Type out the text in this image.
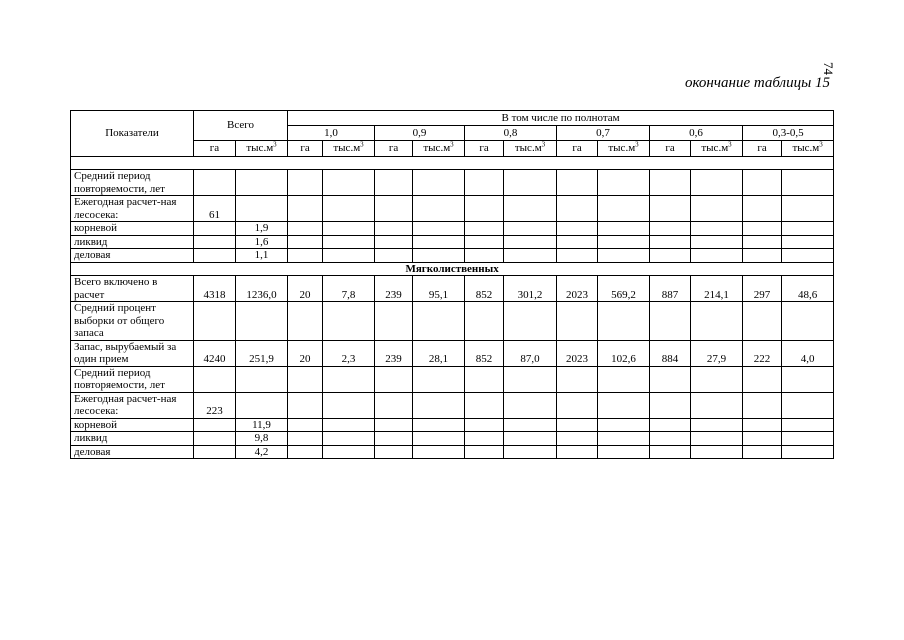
74
окончание таблицы 15
Показатели	Всего		В том числе по полнотам											
			1,0		0,9		0,8		0,7		0,6		0,3-0,5	
	га	$тыс.м^3$	га	$тыс.м^3$	га	$тыс.м^3$	га	$тыс.м^3$	га	$тыс.м^3$	га	$тыс.м^3$	га	$тыс.м^3$

Средний период повторяемости, лет														
Ежегодная расчет-ная лесосека:	61													
корневой		1,9												
ликвид		1,6												
деловая		1,1												
Мягколиственных														
Всего включено в расчет	4318	1236,0	20	7,8	239	95,1	852	301,2	2023	569,2	887	214,1	297	48,6
Средний процент выборки от общего запаса														
Запас, вырубаемый за один прием	4240	251,9	20	2,3	239	28,1	852	87,0	2023	102,6	884	27,9	222	4,0
Средний период повторяемости, лет														
Ежегодная расчет-ная лесосека:	223													
корневой		11,9												
ликвид		9,8												
деловая		4,2												
